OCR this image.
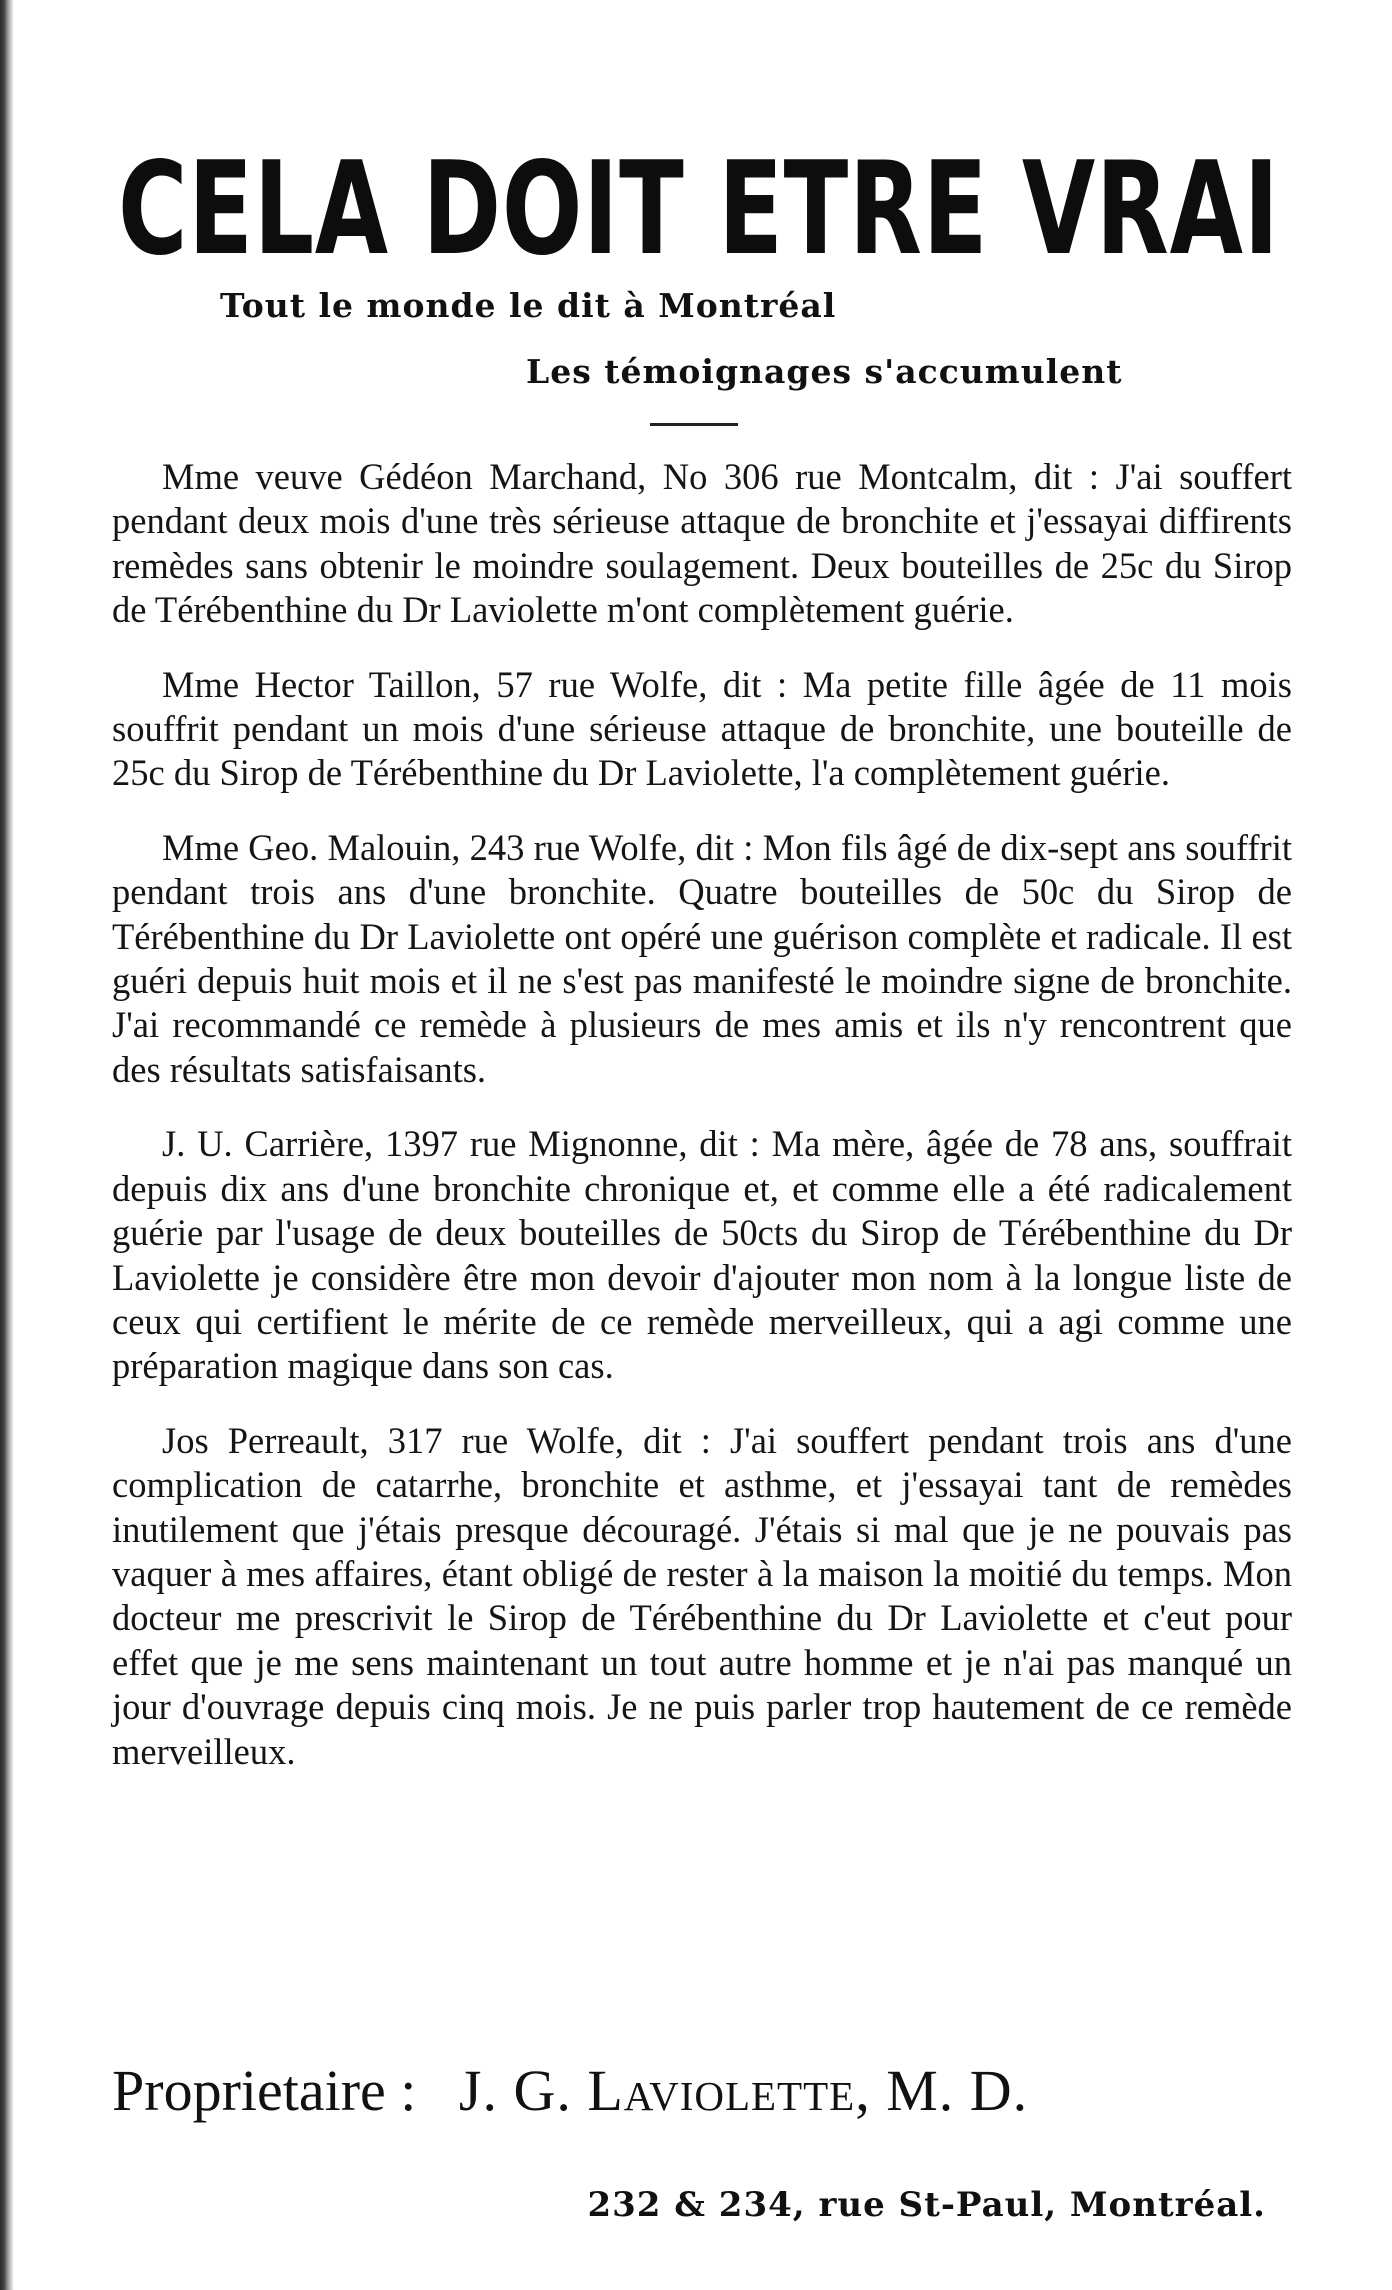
CELA DOIT ETRE VRAI
Tout le monde le dit à Montréal
Les témoignages s'accumulent

Mme veuve Gédéon Marchand, No 306 rue Montcalm, dit : J'ai souffert pendant deux mois d'une très sérieuse attaque de bronchite et j'essayai diffirents remèdes sans obtenir le moindre soulagement. Deux bouteilles de 25c du Sirop de Térébenthine du Dr Laviolette m'ont complètement guérie.

Mme Hector Taillon, 57 rue Wolfe, dit : Ma petite fille âgée de 11 mois souffrit pendant un mois d'une sérieuse attaque de bronchite, une bouteille de 25c du Sirop de Térébenthine du Dr Laviolette, l'a complètement guérie.

Mme Geo. Malouin, 243 rue Wolfe, dit : Mon fils âgé de dix-sept ans souffrit pendant trois ans d'une bronchite. Quatre bouteilles de 50c du Sirop de Térébenthine du Dr Laviolette ont opéré une guérison complète et radicale. Il est guéri depuis huit mois et il ne s'est pas manifesté le moindre signe de bronchite. J'ai recommandé ce remède à plusieurs de mes amis et ils n'y rencontrent que des résultats satisfaisants.

J. U. Carrière, 1397 rue Mignonne, dit : Ma mère, âgée de 78 ans, souffrait depuis dix ans d'une bronchite chronique et, et comme elle a été radicalement guérie par l'usage de deux bouteilles de 50cts du Sirop de Térébenthine du Dr Laviolette je considère être mon devoir d'ajouter mon nom à la longue liste de ceux qui certifient le mérite de ce remède merveilleux, qui a agi comme une préparation magique dans son cas.

Jos Perreault, 317 rue Wolfe, dit : J'ai souffert pendant trois ans d'une complication de catarrhe, bronchite et asthme, et j'essayai tant de remèdes inutilement que j'étais presque découragé. J'étais si mal que je ne pouvais pas vaquer à mes affaires, étant obligé de rester à la maison la moitié du temps. Mon docteur me prescrivit le Sirop de Térébenthine du Dr Laviolette et c'eut pour effet que je me sens maintenant un tout autre homme et je n'ai pas manqué un jour d'ouvrage depuis cinq mois. Je ne puis parler trop hautement de ce remède merveilleux.

Proprietaire : J. G. Laviolette, M. D.
232 & 234, rue St-Paul, Montréal.
